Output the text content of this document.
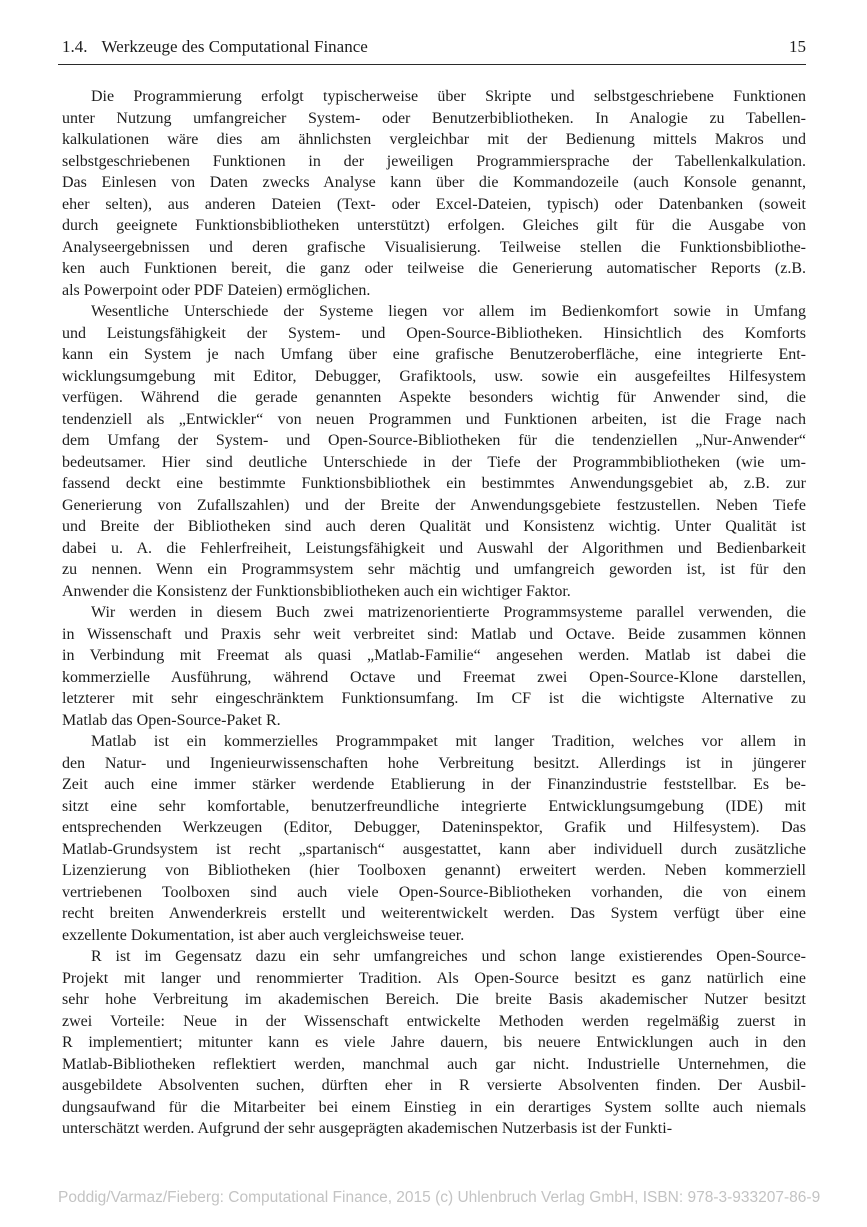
1.4. Werkzeuge des Computational Finance	15
Die Programmierung erfolgt typischerweise über Skripte und selbstgeschriebene Funktionen
unter Nutzung umfangreicher System- oder Benutzerbibliotheken. In Analogie zu Tabellen-
kalkulationen wäre dies am ähnlichsten vergleichbar mit der Bedienung mittels Makros und
selbstgeschriebenen Funktionen in der jeweiligen Programmiersprache der Tabellenkalkulation.
Das Einlesen von Daten zwecks Analyse kann über die Kommandozeile (auch Konsole genannt,
eher selten), aus anderen Dateien (Text- oder Excel-Dateien, typisch) oder Datenbanken (soweit
durch geeignete Funktionsbibliotheken unterstützt) erfolgen. Gleiches gilt für die Ausgabe von
Analyseergebnissen und deren grafische Visualisierung. Teilweise stellen die Funktionsbibliothe-
ken auch Funktionen bereit, die ganz oder teilweise die Generierung automatischer Reports (z.B.
als Powerpoint oder PDF Dateien) ermöglichen.
Wesentliche Unterschiede der Systeme liegen vor allem im Bedienkomfort sowie in Umfang
und Leistungsfähigkeit der System- und Open-Source-Bibliotheken. Hinsichtlich des Komforts
kann ein System je nach Umfang über eine grafische Benutzeroberfläche, eine integrierte Ent-
wicklungsumgebung mit Editor, Debugger, Grafiktools, usw. sowie ein ausgefeiltes Hilfesystem
verfügen. Während die gerade genannten Aspekte besonders wichtig für Anwender sind, die
tendenziell als „Entwickler“ von neuen Programmen und Funktionen arbeiten, ist die Frage nach
dem Umfang der System- und Open-Source-Bibliotheken für die tendenziellen „Nur-Anwender“
bedeutsamer. Hier sind deutliche Unterschiede in der Tiefe der Programmbibliotheken (wie um-
fassend deckt eine bestimmte Funktionsbibliothek ein bestimmtes Anwendungsgebiet ab, z.B. zur
Generierung von Zufallszahlen) und der Breite der Anwendungsgebiete festzustellen. Neben Tiefe
und Breite der Bibliotheken sind auch deren Qualität und Konsistenz wichtig. Unter Qualität ist
dabei u. A. die Fehlerfreiheit, Leistungsfähigkeit und Auswahl der Algorithmen und Bedienbarkeit
zu nennen. Wenn ein Programmsystem sehr mächtig und umfangreich geworden ist, ist für den
Anwender die Konsistenz der Funktionsbibliotheken auch ein wichtiger Faktor.
Wir werden in diesem Buch zwei matrizenorientierte Programmsysteme parallel verwenden, die
in Wissenschaft und Praxis sehr weit verbreitet sind: Matlab und Octave. Beide zusammen können
in Verbindung mit Freemat als quasi „Matlab-Familie“ angesehen werden. Matlab ist dabei die
kommerzielle Ausführung, während Octave und Freemat zwei Open-Source-Klone darstellen,
letzterer mit sehr eingeschränktem Funktionsumfang. Im CF ist die wichtigste Alternative zu
Matlab das Open-Source-Paket R.
Matlab ist ein kommerzielles Programmpaket mit langer Tradition, welches vor allem in
den Natur- und Ingenieurwissenschaften hohe Verbreitung besitzt. Allerdings ist in jüngerer
Zeit auch eine immer stärker werdende Etablierung in der Finanzindustrie feststellbar. Es be-
sitzt eine sehr komfortable, benutzerfreundliche integrierte Entwicklungsumgebung (IDE) mit
entsprechenden Werkzeugen (Editor, Debugger, Dateninspektor, Grafik und Hilfesystem). Das
Matlab-Grundsystem ist recht „spartanisch“ ausgestattet, kann aber individuell durch zusätzliche
Lizenzierung von Bibliotheken (hier Toolboxen genannt) erweitert werden. Neben kommerziell
vertriebenen Toolboxen sind auch viele Open-Source-Bibliotheken vorhanden, die von einem
recht breiten Anwenderkreis erstellt und weiterentwickelt werden. Das System verfügt über eine
exzellente Dokumentation, ist aber auch vergleichsweise teuer.
R ist im Gegensatz dazu ein sehr umfangreiches und schon lange existierendes Open-Source-
Projekt mit langer und renommierter Tradition. Als Open-Source besitzt es ganz natürlich eine
sehr hohe Verbreitung im akademischen Bereich. Die breite Basis akademischer Nutzer besitzt
zwei Vorteile: Neue in der Wissenschaft entwickelte Methoden werden regelmäßig zuerst in
R implementiert; mitunter kann es viele Jahre dauern, bis neuere Entwicklungen auch in den
Matlab-Bibliotheken reflektiert werden, manchmal auch gar nicht. Industrielle Unternehmen, die
ausgebildete Absolventen suchen, dürften eher in R versierte Absolventen finden. Der Ausbil-
dungsaufwand für die Mitarbeiter bei einem Einstieg in ein derartiges System sollte auch niemals
unterschätzt werden. Aufgrund der sehr ausgeprägten akademischen Nutzerbasis ist der Funkti-
Poddig/Varmaz/Fieberg: Computational Finance, 2015 (c) Uhlenbruch Verlag GmbH, ISBN: 978-3-933207-86-9
